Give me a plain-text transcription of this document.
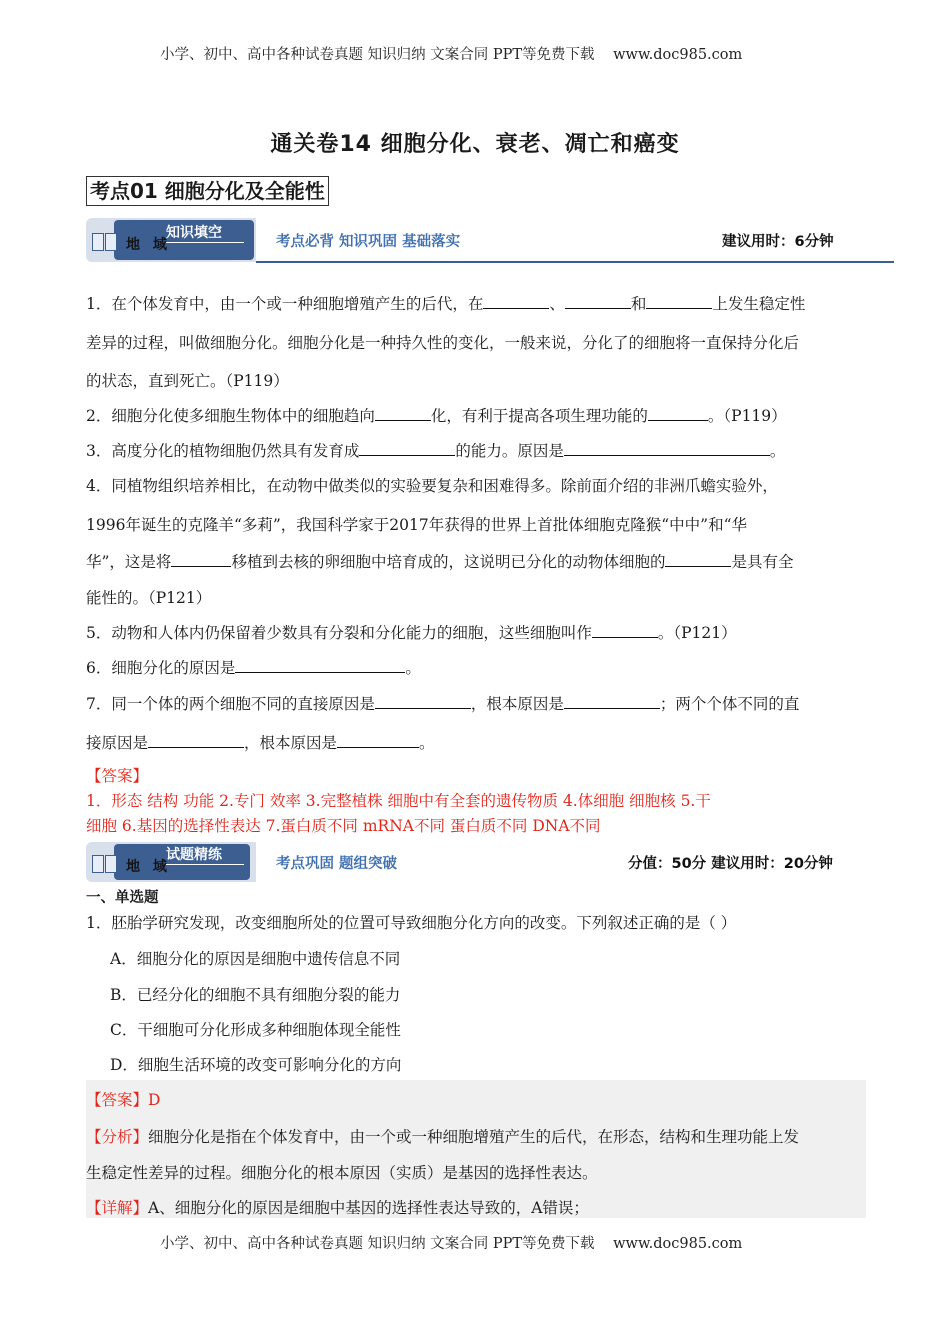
小学、初中、高中各种试卷真题 知识归纳 文案合同 PPT等免费下载 www.doc985.com
通关卷14 细胞分化、衰老、凋亡和癌变
考点01 细胞分化及全能性
知识填空
地 域	考点必背 知识巩固 基础落实	建议用时：6分钟
1．在个体发育中，由一个或一种细胞增殖产生的后代，在	、	和	上发生稳定性
差异的过程，叫做细胞分化。细胞分化是一种持久性的变化，一般来说，分化了的细胞将一直保持分化后
的状态，直到死亡。（P119）
2．细胞分化使多细胞生物体中的细胞趋向	化，有利于提高各项生理功能的	。（P119）
3．高度分化的植物细胞仍然具有发育成	的能力。原因是	。
4．同植物组织培养相比，在动物中做类似的实验要复杂和困难得多。除前面介绍的非洲爪蟾实验外，
1996年诞生的克隆羊“多莉”，我国科学家于2017年获得的世界上首批体细胞克隆猴“中中”和“华
华”，这是将	移植到去核的卵细胞中培育成的，这说明已分化的动物体细胞的	是具有全
能性的。（P121）
5．动物和人体内仍保留着少数具有分裂和分化能力的细胞，这些细胞叫作	。（P121）
6．细胞分化的原因是	。
7．同一个体的两个细胞不同的直接原因是	，根本原因是	；两个个体不同的直
接原因是	，根本原因是	。
【答案】
1．形态 结构 功能 2.专门 效率 3.完整植株 细胞中有全套的遗传物质 4.体细胞 细胞核 5.干
细胞 6.基因的选择性表达 7.蛋白质不同 mRNA不同 蛋白质不同 DNA不同
试题精练
地 域	考点巩固 题组突破	分值：50分 建议用时：20分钟
一、单选题
1．胚胎学研究发现，改变细胞所处的位置可导致细胞分化方向的改变。下列叙述正确的是（ ）
A．细胞分化的原因是细胞中遗传信息不同
B．已经分化的细胞不具有细胞分裂的能力
C．干细胞可分化形成多种细胞体现全能性
D．细胞生活环境的改变可影响分化的方向
【答案】D
【分析】细胞分化是指在个体发育中，由一个或一种细胞增殖产生的后代，在形态，结构和生理功能上发
生稳定性差异的过程。细胞分化的根本原因（实质）是基因的选择性表达。
【详解】A、细胞分化的原因是细胞中基因的选择性表达导致的，A错误；
小学、初中、高中各种试卷真题 知识归纳 文案合同 PPT等免费下载 www.doc985.com
